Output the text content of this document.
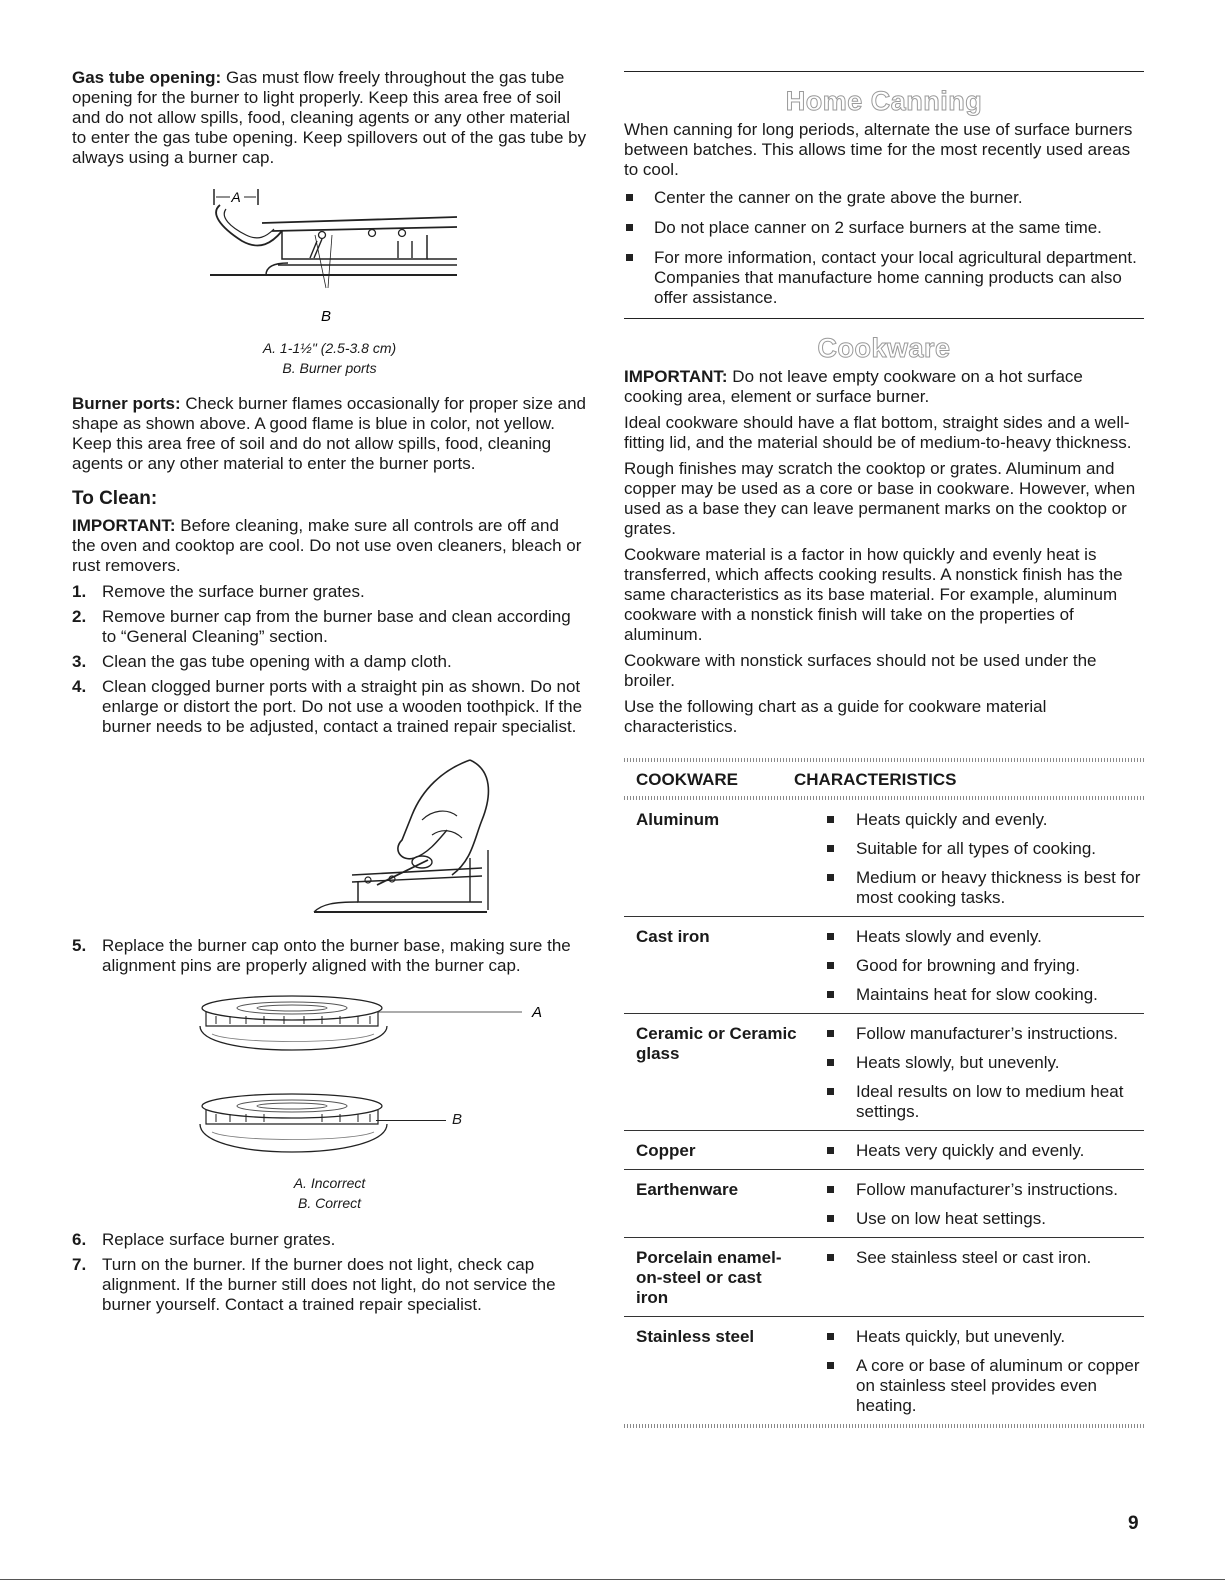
Gas tube opening: Gas must flow freely throughout the gas tube opening for the burner to light properly. Keep this area free of soil and do not allow spills, food, cleaning agents or any other material to enter the gas tube opening. Keep spillovers out of the gas tube by always using a burner cap.

A
B

A. 1-1½" (2.5-3.8 cm)

B. Burner ports

Burner ports: Check burner flames occasionally for proper size and shape as shown above. A good flame is blue in color, not yellow. Keep this area free of soil and do not allow spills, food, cleaning agents or any other material to enter the burner ports.

To Clean:

IMPORTANT: Before cleaning, make sure all controls are off and the oven and cooktop are cool. Do not use oven cleaners, bleach or rust removers.

1. Remove the surface burner grates.
2. Remove burner cap from the burner base and clean according to “General Cleaning” section.
3. Clean the gas tube opening with a damp cloth.
4. Clean clogged burner ports with a straight pin as shown. Do not enlarge or distort the port. Do not use a wooden toothpick. If the burner needs to be adjusted, contact a trained repair specialist.
5. Replace the burner cap onto the burner base, making sure the alignment pins are properly aligned with the burner cap.
A
B

A. Incorrect

B. Correct

6. Replace surface burner grates.
7. Turn on the burner. If the burner does not light, check cap alignment. If the burner still does not light, do not service the burner yourself. Contact a trained repair specialist.
Home Canning

When canning for long periods, alternate the use of surface burners between batches. This allows time for the most recently used areas to cool.

Center the canner on the grate above the burner.
Do not place canner on 2 surface burners at the same time.
For more information, contact your local agricultural department. Companies that manufacture home canning products can also offer assistance.
Cookware

IMPORTANT: Do not leave empty cookware on a hot surface cooking area, element or surface burner.

Ideal cookware should have a flat bottom, straight sides and a well-fitting lid, and the material should be of medium-to-heavy thickness.

Rough finishes may scratch the cooktop or grates. Aluminum and copper may be used as a core or base in cookware. However, when used as a base they can leave permanent marks on the cooktop or grates.

Cookware material is a factor in how quickly and evenly heat is transferred, which affects cooking results. A nonstick finish has the same characteristics as its base material. For example, aluminum cookware with a nonstick finish will take on the properties of aluminum.

Cookware with nonstick surfaces should not be used under the broiler.

Use the following chart as a guide for cookware material characteristics.

COOKWARE	CHARACTERISTICS
Aluminum	Heats quickly and evenly.
Suitable for all types of cooking.
Medium or heavy thickness is best for most cooking tasks.

Cast iron	Heats slowly and evenly.
Good for browning and frying.
Maintains heat for slow cooking.

Ceramic or Ceramic glass	Follow manufacturer’s instructions.
Heats slowly, but unevenly.
Ideal results on low to medium heat settings.

Copper	Heats very quickly and evenly.

Earthenware	Follow manufacturer’s instructions.
Use on low heat settings.

Porcelain enamel-on-steel or cast iron	See stainless steel or cast iron.

Stainless steel	Heats quickly, but unevenly.
A core or base of aluminum or copper on stainless steel provides even heating.
9
